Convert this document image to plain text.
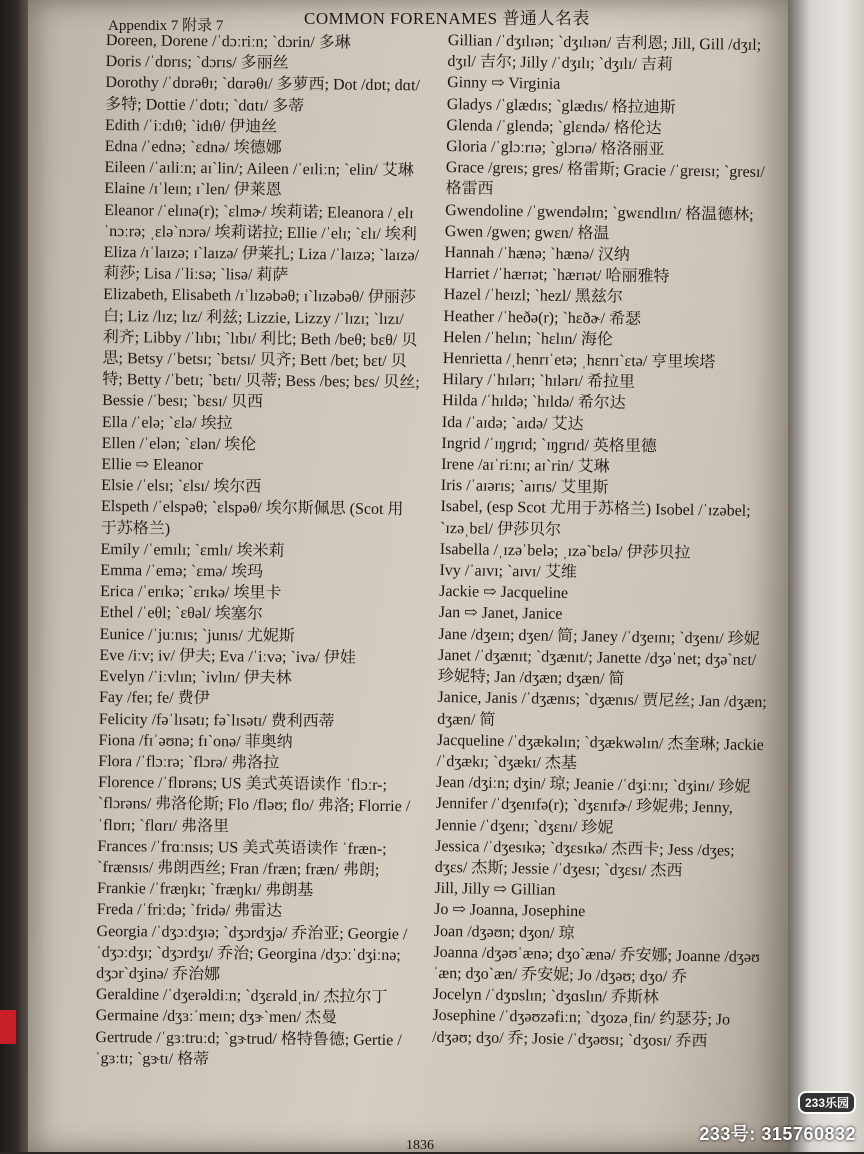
Appendix 7 附录 7	COMMON FORENAMES 普通人名表
Doreen, Dorene /ˈdɔːriːn; ˋdɔrin/ 多琳
Doris /ˈdɒrɪs; ˋdɔrɪs/ 多丽丝
Dorothy /ˈdɒrəθɪ; ˋdɑrəθɪ/ 多萝西; Dot /dɒt; dɑt/ 多特; Dottie /ˈdɒtɪ; ˋdɑtɪ/ 多蒂
Edith /ˈiːdɪθ; ˋidɪθ/ 伊迪丝
Edna /ˈednə; ˋɛdnə/ 埃德娜
Eileen /ˈaɪliːn; aɪˋlin/; Aileen /ˈeɪliːn; ˋelin/ 艾琳
Elaine /ɪˈleɪn; ɪˋlen/ 伊莱恩
Eleanor /ˈelɪnə(r); ˋɛlmɚ/ 埃莉诺; Eleanora /ˌelɪˈnɔːrə; ˌɛləˋnɔrə/ 埃莉诺拉; Ellie /ˈelɪ; ˋɛlɪ/ 埃利
Eliza /ɪˈlaɪzə; ɪˋlaɪzə/ 伊莱扎; Liza /ˈlaɪzə; ˋlaɪzə/ 莉莎; Lisa /ˈliːsə; ˋlisə/ 莉萨
Elizabeth, Elisabeth /ɪˈlɪzəbəθ; ɪˋlɪzəbəθ/ 伊丽莎白; Liz /lɪz; lɪz/ 利兹; Lizzie, Lizzy /ˈlɪzɪ; ˋlɪzɪ/ 利齐; Libby /ˈlɪbɪ; ˋlɪbɪ/ 利比; Beth /beθ; bɛθ/ 贝思; Betsy /ˈbetsɪ; ˋbɛtsɪ/ 贝齐; Bett /bet; bɛt/ 贝特; Betty /ˈbetɪ; ˋbɛtɪ/ 贝蒂; Bess /bes; bɛs/ 贝丝; Bessie /ˈbesɪ; ˋbɛsɪ/ 贝西
Ella /ˈelə; ˋɛlə/ 埃拉
Ellen /ˈelən; ˋɛlən/ 埃伦
Ellie ⇨ Eleanor
Elsie /ˈelsɪ; ˋɛlsɪ/ 埃尔西
Elspeth /ˈelspəθ; ˋɛlspəθ/ 埃尔斯佩思 (Scot 用于苏格兰)
Emily /ˈemɪlɪ; ˋɛmlɪ/ 埃米莉
Emma /ˈemə; ˋɛmə/ 埃玛
Erica /ˈerɪkə; ˋɛrɪkə/ 埃里卡
Ethel /ˈeθl; ˋɛθəl/ 埃塞尔
Eunice /ˈjuːnɪs; ˋjunɪs/ 尤妮斯
Eve /iːv; iv/ 伊夫; Eva /ˈiːvə; ˋivə/ 伊娃
Evelyn /ˈiːvlɪn; ˋivlɪn/ 伊夫林
Fay /feɪ; fe/ 费伊
Felicity /fəˈlɪsətɪ; fəˋlɪsətɪ/ 费利西蒂
Fiona /fɪˈəʊnə; fɪˋonə/ 菲奥纳
Flora /ˈflɔːrə; ˋflɔrə/ 弗洛拉
Florence /ˈflɒrəns; US 美式英语读作 ˈflɔːr-; ˋflɔrəns/ 弗洛伦斯; Flo /fləʊ; flo/ 弗洛; Florrie /ˈflɒrɪ; ˋflɑrɪ/ 弗洛里
Frances /ˈfrɑːnsɪs; US 美式英语读作 ˈfræn-; ˋfrænsɪs/ 弗朗西丝; Fran /fræn; fræn/ 弗朗; Frankie /ˈfræŋkɪ; ˋfræŋkɪ/ 弗朗基
Freda /ˈfriːdə; ˋfridə/ 弗雷达
Georgia /ˈdʒɔːdʒɪə; ˋdʒɔrdʒjə/ 乔治亚; Georgie /ˈdʒɔːdʒɪ; ˋdʒɔrdʒɪ/ 乔治; Georgina /dʒɔːˈdʒiːnə; dʒɔrˋdʒinə/ 乔治娜
Geraldine /ˈdʒerəldiːn; ˋdʒɛrəldˌin/ 杰拉尔丁
Germaine /dʒɜːˈmeɪn; dʒɝˋmen/ 杰曼
Gertrude /ˈgɜːtruːd; ˋgɝtrud/ 格特鲁德; Gertie /ˈgɜːtɪ; ˋgɝtɪ/ 格蒂
Gillian /ˈdʒɪlɪən; ˋdʒɪlɪən/ 吉利恩; Jill, Gill /dʒɪl; dʒɪl/ 吉尔; Jilly /ˈdʒɪlɪ; ˋdʒɪlɪ/ 吉莉
Ginny ⇨ Virginia
Gladys /ˈglædɪs; ˋglædɪs/ 格拉迪斯
Glenda /ˈglendə; ˋglɛndə/ 格伦达
Gloria /ˈglɔːrɪə; ˋglɔrɪə/ 格洛丽亚
Grace /greɪs; gres/ 格雷斯; Gracie /ˈgreɪsɪ; ˋgresɪ/ 格雷西
Gwendoline /ˈgwendəlɪn; ˋgwɛndlɪn/ 格温德林; Gwen /gwen; gwɛn/ 格温
Hannah /ˈhænə; ˋhænə/ 汉纳
Harriet /ˈhærɪət; ˋhærɪət/ 哈丽雅特
Hazel /ˈheɪzl; ˋhezl/ 黑兹尔
Heather /ˈheðə(r); ˋhɛðɚ/ 希瑟
Helen /ˈhelɪn; ˋhɛlɪn/ 海伦
Henrietta /ˌhenrɪˈetə; ˌhɛnrɪˋɛtə/ 亨里埃塔
Hilary /ˈhɪlərɪ; ˋhɪlərɪ/ 希拉里
Hilda /ˈhɪldə; ˋhɪldə/ 希尔达
Ida /ˈaɪdə; ˋaɪdə/ 艾达
Ingrid /ˈɪŋgrɪd; ˋɪŋgrɪd/ 英格里德
Irene /aɪˈriːnɪ; aɪˋrin/ 艾琳
Iris /ˈaɪərɪs; ˋaɪrɪs/ 艾里斯
Isabel, (esp Scot 尤用于苏格兰) Isobel /ˈɪzəbel; ˋɪzəˌbɛl/ 伊莎贝尔
Isabella /ˌɪzəˈbelə; ˌɪzəˋbɛlə/ 伊莎贝拉
Ivy /ˈaɪvɪ; ˋaɪvɪ/ 艾维
Jackie ⇨ Jacqueline
Jan ⇨ Janet, Janice
Jane /dʒeɪn; dʒen/ 简; Janey /ˈdʒeɪnɪ; ˋdʒenɪ/ 珍妮
Janet /ˈdʒænɪt; ˋdʒænɪt/; Janette /dʒəˈnet; dʒəˋnɛt/ 珍妮特; Jan /dʒæn; dʒæn/ 简
Janice, Janis /ˈdʒænɪs; ˋdʒænɪs/ 贾尼丝; Jan /dʒæn; dʒæn/ 简
Jacqueline /ˈdʒækəlɪn; ˋdʒækwəlɪn/ 杰奎琳; Jackie /ˈdʒækɪ; ˋdʒækɪ/ 杰基
Jean /dʒiːn; dʒin/ 琼; Jeanie /ˈdʒiːnɪ; ˋdʒinɪ/ 珍妮
Jennifer /ˈdʒenɪfə(r); ˋdʒɛnɪfɚ/ 珍妮弗; Jenny, Jennie /ˈdʒenɪ; ˋdʒɛnɪ/ 珍妮
Jessica /ˈdʒesɪkə; ˋdʒɛsɪkə/ 杰西卡; Jess /dʒes; dʒɛs/ 杰斯; Jessie /ˈdʒesɪ; ˋdʒɛsɪ/ 杰西
Jill, Jilly ⇨ Gillian
Jo ⇨ Joanna, Josephine
Joan /dʒəʊn; dʒon/ 琼
Joanna /dʒəʊˈænə; dʒoˋænə/ 乔安娜; Joanne /dʒəʊˈæn; dʒoˋæn/ 乔安妮; Jo /dʒəʊ; dʒo/ 乔
Jocelyn /ˈdʒɒslɪn; ˋdʒɑslɪn/ 乔斯林
Josephine /ˈdʒəʊzəfiːn; ˋdʒozəˌfin/ 约瑟芬; Jo /dʒəʊ; dʒo/ 乔; Josie /ˈdʒəʊsɪ; ˋdʒosɪ/ 乔西
1836
233乐园
233号: 315760832
